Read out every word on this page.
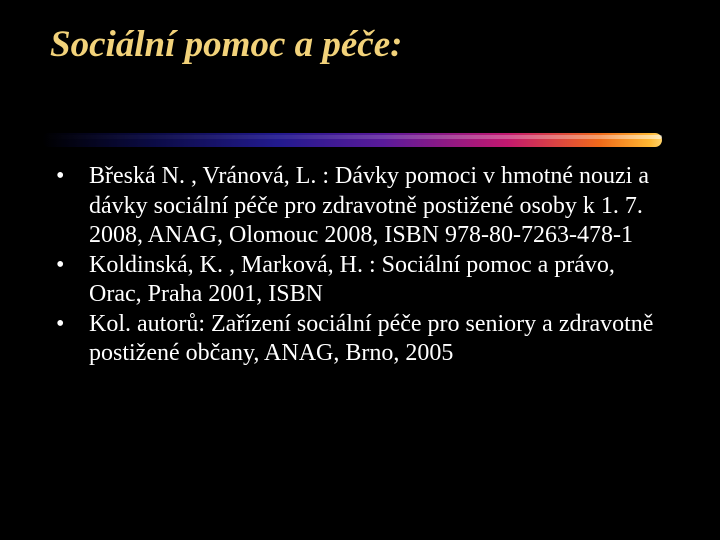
Sociální pomoc a péče:
•	Břeská N. , Vránová, L. : Dávky pomoci v hmotné nouzi a dávky sociální péče pro zdravotně postižené osoby k 1. 7. 2008, ANAG, Olomouc 2008, ISBN 978-80-7263-478-1
•	Koldinská, K. , Marková, H. : Sociální pomoc a právo, Orac, Praha 2001, ISBN
•	Kol. autorů: Zařízení sociální péče pro seniory a zdravotně postižené občany, ANAG, Brno, 2005
